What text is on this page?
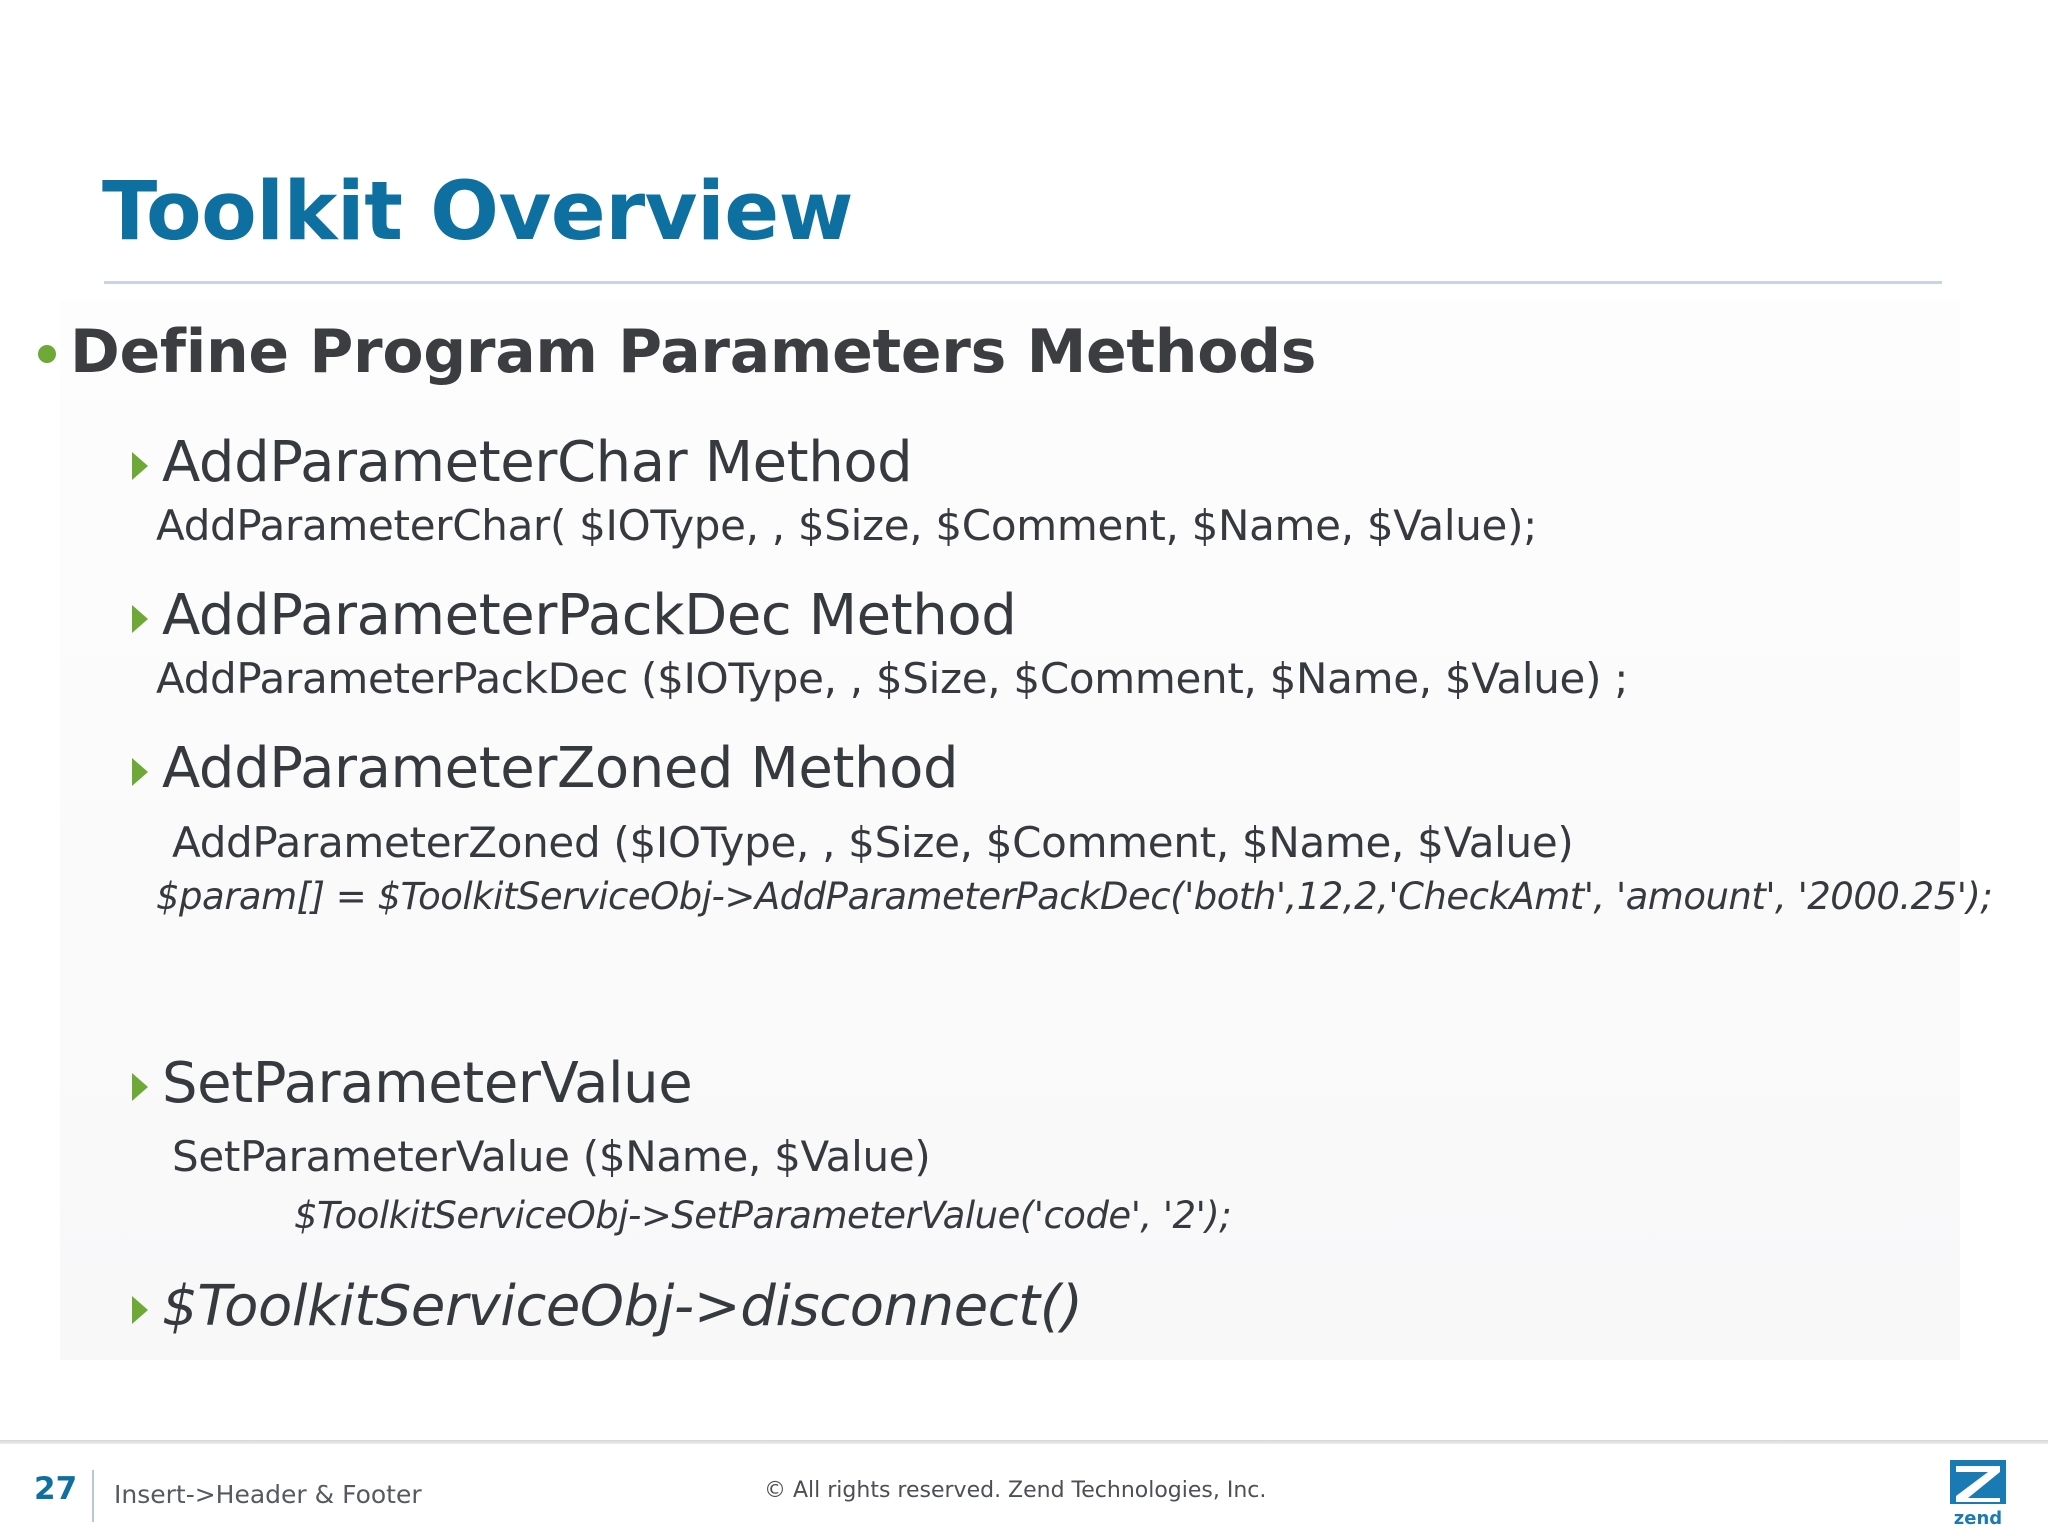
Toolkit Overview
Define Program Parameters Methods
AddParameterChar Method
AddParameterChar( $IOType, , $Size, $Comment, $Name, $Value);
AddParameterPackDec Method
AddParameterPackDec ($IOType, , $Size, $Comment, $Name, $Value) ;
AddParameterZoned Method
AddParameterZoned ($IOType, , $Size, $Comment, $Name, $Value)
$param[] = $ToolkitServiceObj->AddParameterPackDec('both',12,2,'CheckAmt', 'amount', '2000.25');
SetParameterValue
SetParameterValue ($Name, $Value)
$ToolkitServiceObj->SetParameterValue('code', '2');
$ToolkitServiceObj->disconnect()
27 Insert->Header & Footer	© All rights reserved. Zend Technologies, Inc.
zend
